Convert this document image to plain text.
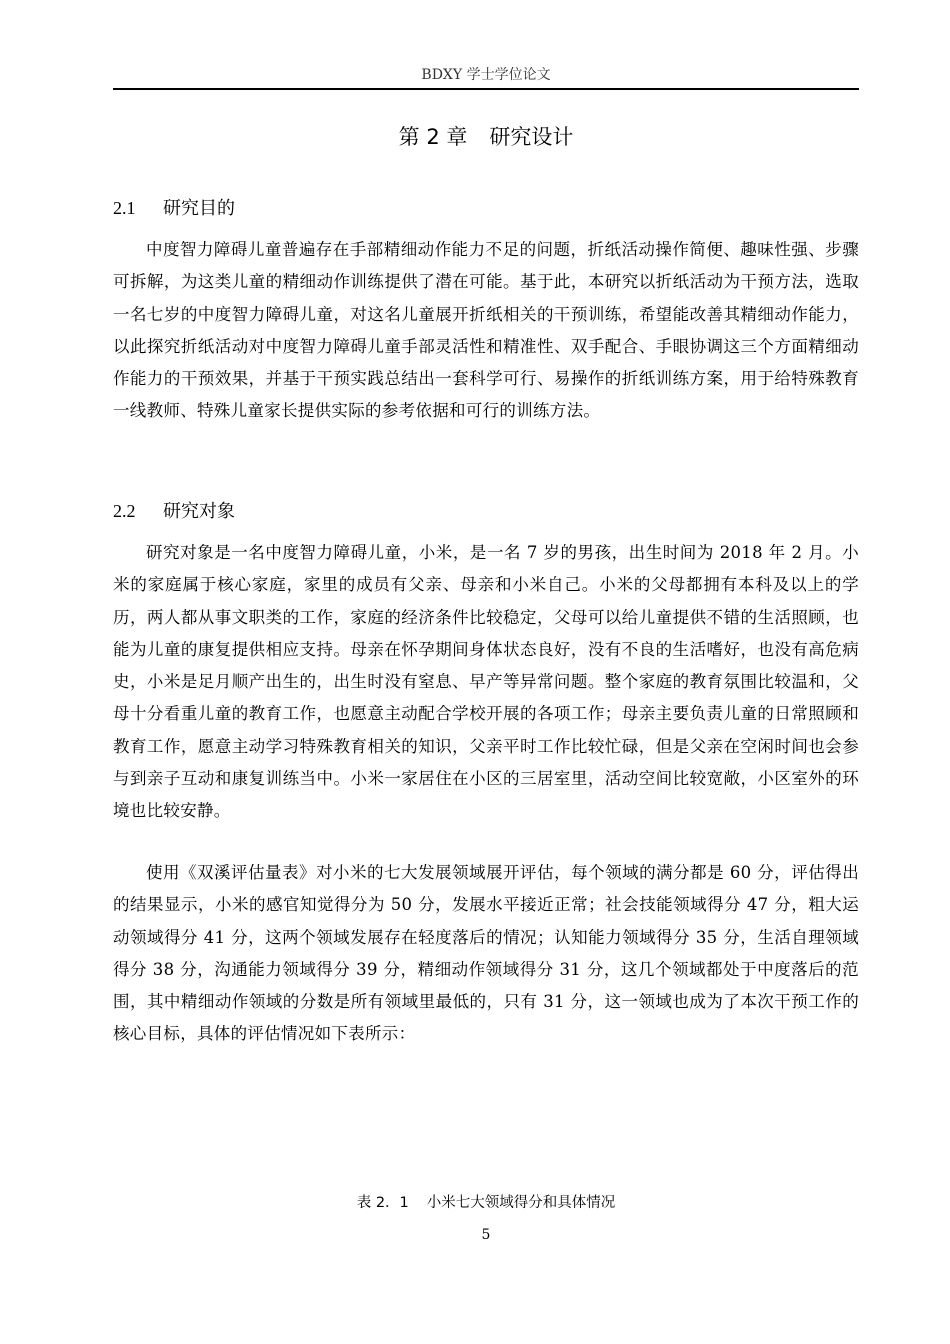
BDXY 学士学位论文
第 2 章 研究设计
2.1 研究目的

中度智力障碍儿童普遍存在手部精细动作能力不足的问题，折纸活动操作简便、趣味性强、步骤可拆解，为这类儿童的精细动作训练提供了潜在可能。基于此，本研究以折纸活动为干预方法，选取一名七岁的中度智力障碍儿童，对这名儿童展开折纸相关的干预训练，希望能改善其精细动作能力，以此探究折纸活动对中度智力障碍儿童手部灵活性和精准性、双手配合、手眼协调这三个方面精细动作能力的干预效果，并基于干预实践总结出一套科学可行、易操作的折纸训练方案，用于给特殊教育一线教师、特殊儿童家长提供实际的参考依据和可行的训练方法。

2.2 研究对象

研究对象是一名中度智力障碍儿童，小米，是一名 7 岁的男孩，出生时间为 2018 年 2 月。小米的家庭属于核心家庭，家里的成员有父亲、母亲和小米自己。小米的父母都拥有本科及以上的学历，两人都从事文职类的工作，家庭的经济条件比较稳定，父母可以给儿童提供不错的生活照顾，也能为儿童的康复提供相应支持。母亲在怀孕期间身体状态良好，没有不良的生活嗜好，也没有高危病史，小米是足月顺产出生的，出生时没有窒息、早产等异常问题。整个家庭的教育氛围比较温和，父母十分看重儿童的教育工作，也愿意主动配合学校开展的各项工作；母亲主要负责儿童的日常照顾和教育工作，愿意主动学习特殊教育相关的知识，父亲平时工作比较忙碌，但是父亲在空闲时间也会参与到亲子互动和康复训练当中。小米一家居住在小区的三居室里，活动空间比较宽敞，小区室外的环境也比较安静。

使用《双溪评估量表》对小米的七大发展领域展开评估，每个领域的满分都是 60 分，评估得出的结果显示，小米的感官知觉得分为 50 分，发展水平接近正常；社会技能领域得分 47 分，粗大运动领域得分 41 分，这两个领域发展存在轻度落后的情况；认知能力领域得分 35 分，生活自理领域得分 38 分，沟通能力领域得分 39 分，精细动作领域得分 31 分，这几个领域都处于中度落后的范围，其中精细动作领域的分数是所有领域里最低的，只有 31 分，这一领域也成为了本次干预工作的核心目标，具体的评估情况如下表所示：

表 2．1 小米七大领域得分和具体情况

5
